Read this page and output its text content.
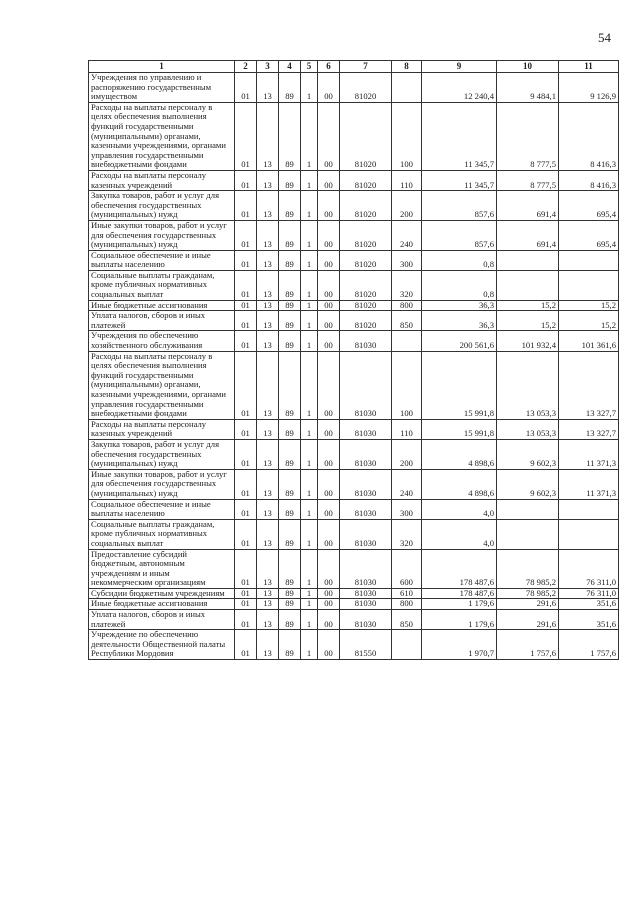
54
1	2	3	4	5	6	7	8	9	10	11
Учреждения по управлению и распоряжению государственным имуществом	01	13	89	1	00	81020		12 240,4	9 484,1	9 126,9
Расходы на выплаты персоналу в целях обеспечения выполнения функций государственными (муниципальными) органами, казенными учреждениями, органами управления государственными внебюджетными фондами	01	13	89	1	00	81020	100	11 345,7	8 777,5	8 416,3
Расходы на выплаты персоналу казенных учреждений	01	13	89	1	00	81020	110	11 345,7	8 777,5	8 416,3
Закупка товаров, работ и услуг для обеспечения государственных (муниципальных) нужд	01	13	89	1	00	81020	200	857,6	691,4	695,4
Иные закупки товаров, работ и услуг для обеспечения государственных (муниципальных) нужд	01	13	89	1	00	81020	240	857,6	691,4	695,4
Социальное обеспечение и иные выплаты населению	01	13	89	1	00	81020	300	0,8		
Социальные выплаты гражданам, кроме публичных нормативных социальных выплат	01	13	89	1	00	81020	320	0,8		
Иные бюджетные ассигнования	01	13	89	1	00	81020	800	36,3	15,2	15,2
Уплата налогов, сборов и иных платежей	01	13	89	1	00	81020	850	36,3	15,2	15,2
Учреждения по обеспечению хозяйственного обслуживания	01	13	89	1	00	81030		200 561,6	101 932,4	101 361,6
Расходы на выплаты персоналу в целях обеспечения выполнения функций государственными (муниципальными) органами, казенными учреждениями, органами управления государственными внебюджетными фондами	01	13	89	1	00	81030	100	15 991,8	13 053,3	13 327,7
Расходы на выплаты персоналу казенных учреждений	01	13	89	1	00	81030	110	15 991,8	13 053,3	13 327,7
Закупка товаров, работ и услуг для обеспечения государственных (муниципальных) нужд	01	13	89	1	00	81030	200	4 898,6	9 602,3	11 371,3
Иные закупки товаров, работ и услуг для обеспечения государственных (муниципальных) нужд	01	13	89	1	00	81030	240	4 898,6	9 602,3	11 371,3
Социальное обеспечение и иные выплаты населению	01	13	89	1	00	81030	300	4,0		
Социальные выплаты гражданам, кроме публичных нормативных социальных выплат	01	13	89	1	00	81030	320	4,0		
Предоставление субсидий бюджетным, автономным учреждениям и иным некоммерческим организациям	01	13	89	1	00	81030	600	178 487,6	78 985,2	76 311,0
Субсидии бюджетным учреждениям	01	13	89	1	00	81030	610	178 487,6	78 985,2	76 311,0
Иные бюджетные ассигнования	01	13	89	1	00	81030	800	1 179,6	291,6	351,6
Уплата налогов, сборов и иных платежей	01	13	89	1	00	81030	850	1 179,6	291,6	351,6
Учреждение по обеспечению деятельности Общественной палаты Республики Мордовия	01	13	89	1	00	81550		1 970,7	1 757,6	1 757,6
